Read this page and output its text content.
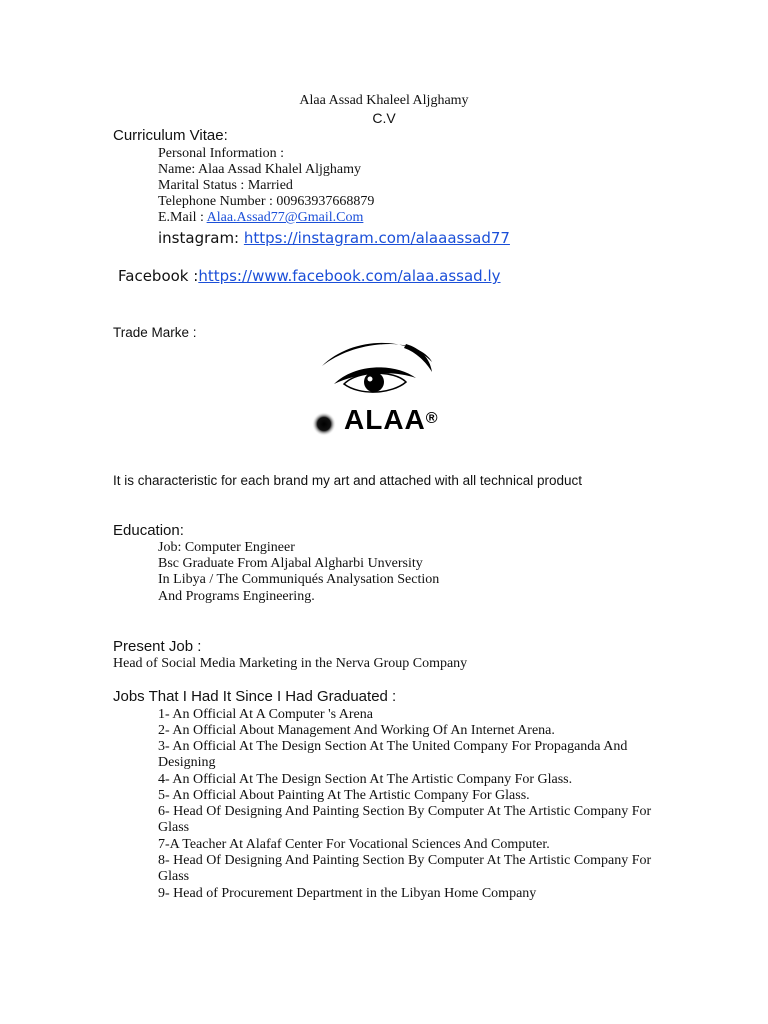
Alaa Assad Khaleel Aljghamy
C.V
Curriculum Vitae:
Personal Information :
Name: Alaa Assad Khalel Aljghamy
Marital Status : Married
Telephone Number : 00963937668879
E.Mail : Alaa.Assad77@Gmail.Com
instagram: https://instagram.com/alaaassad77
Facebook :https://www.facebook.com/alaa.assad.ly
Trade Marke :
ALAA®
It is characteristic for each brand my art and attached with all technical product
Education:
Job: Computer Engineer
Bsc Graduate From Aljabal Algharbi Unversity
In Libya / The Communiqués Analysation Section
And Programs Engineering.
Present Job :
Head of Social Media Marketing in the Nerva Group Company
Jobs That I Had It Since I Had Graduated :
1- An Official At A Computer 's Arena
2- An Official About Management And Working Of An Internet Arena.
3- An Official At The Design Section At The United Company For Propaganda And Designing
4- An Official At The Design Section At The Artistic Company For Glass.
5- An Official About Painting At The Artistic Company For Glass.
6- Head Of Designing And Painting Section By Computer At The Artistic Company For Glass
7-A Teacher At Alafaf Center For Vocational Sciences And Computer.
8- Head Of Designing And Painting Section By Computer At The Artistic Company For Glass
9- Head of Procurement Department in the Libyan Home Company
